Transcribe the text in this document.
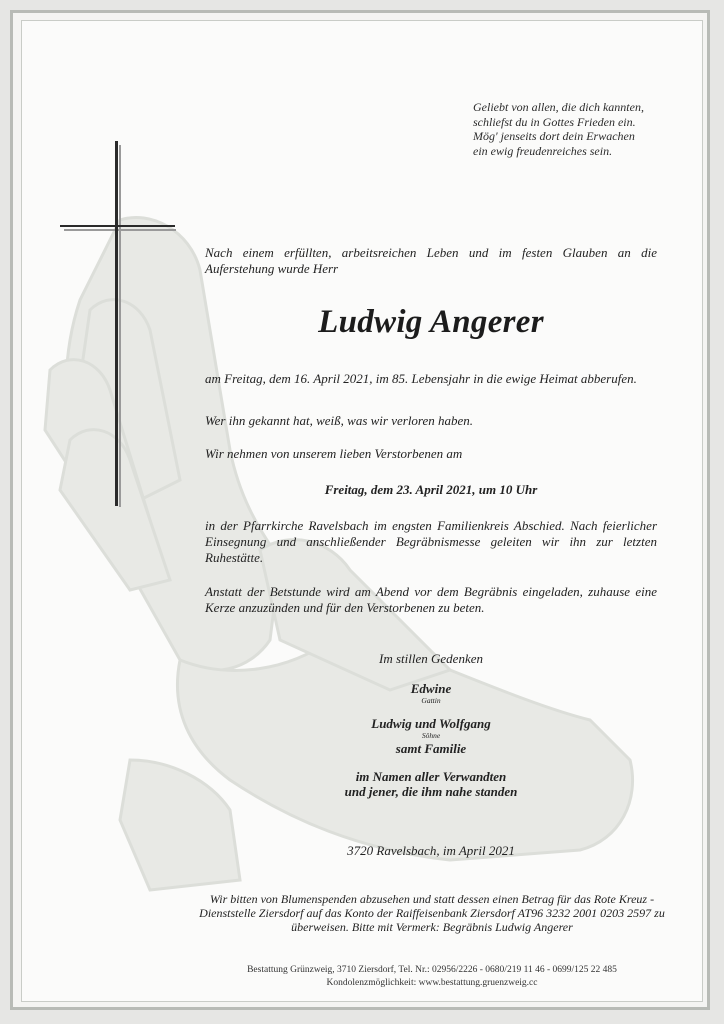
Geliebt von allen, die dich kannten,
schliefst du in Gottes Frieden ein.
Mög' jenseits dort dein Erwachen
ein ewig freudenreiches sein.
Nach einem erfüllten, arbeitsreichen Leben und im festen Glauben an die Auferstehung wurde Herr
Ludwig Angerer
am Freitag, dem 16. April 2021, im 85. Lebensjahr in die ewige Heimat abberufen.
Wer ihn gekannt hat, weiß, was wir verloren haben.
Wir nehmen von unserem lieben Verstorbenen am
Freitag, dem 23. April 2021, um 10 Uhr
in der Pfarrkirche Ravelsbach im engsten Familienkreis Abschied. Nach feierlicher Einsegnung und anschließender Begräbnismesse geleiten wir ihn zur letzten Ruhestätte.
Anstatt der Betstunde wird am Abend vor dem Begräbnis eingeladen, zuhause eine Kerze anzuzünden und für den Verstorbenen zu beten.
Im stillen Gedenken
Edwine
Gattin
Ludwig und Wolfgang
Söhne
samt Familie
im Namen aller Verwandten
und jener, die ihm nahe standen
3720 Ravelsbach, im April 2021
Wir bitten von Blumenspenden abzusehen und statt dessen einen Betrag für das Rote Kreuz - Dienststelle Ziersdorf auf das Konto der Raiffeisenbank Ziersdorf AT96 3232 2001 0203 2597 zu überweisen. Bitte mit Vermerk: Begräbnis Ludwig Angerer
Bestattung Grünzweig, 3710 Ziersdorf, Tel. Nr.: 02956/2226 - 0680/219 11 46 - 0699/125 22 485
Kondolenzmöglichkeit: www.bestattung.gruenzweig.cc
